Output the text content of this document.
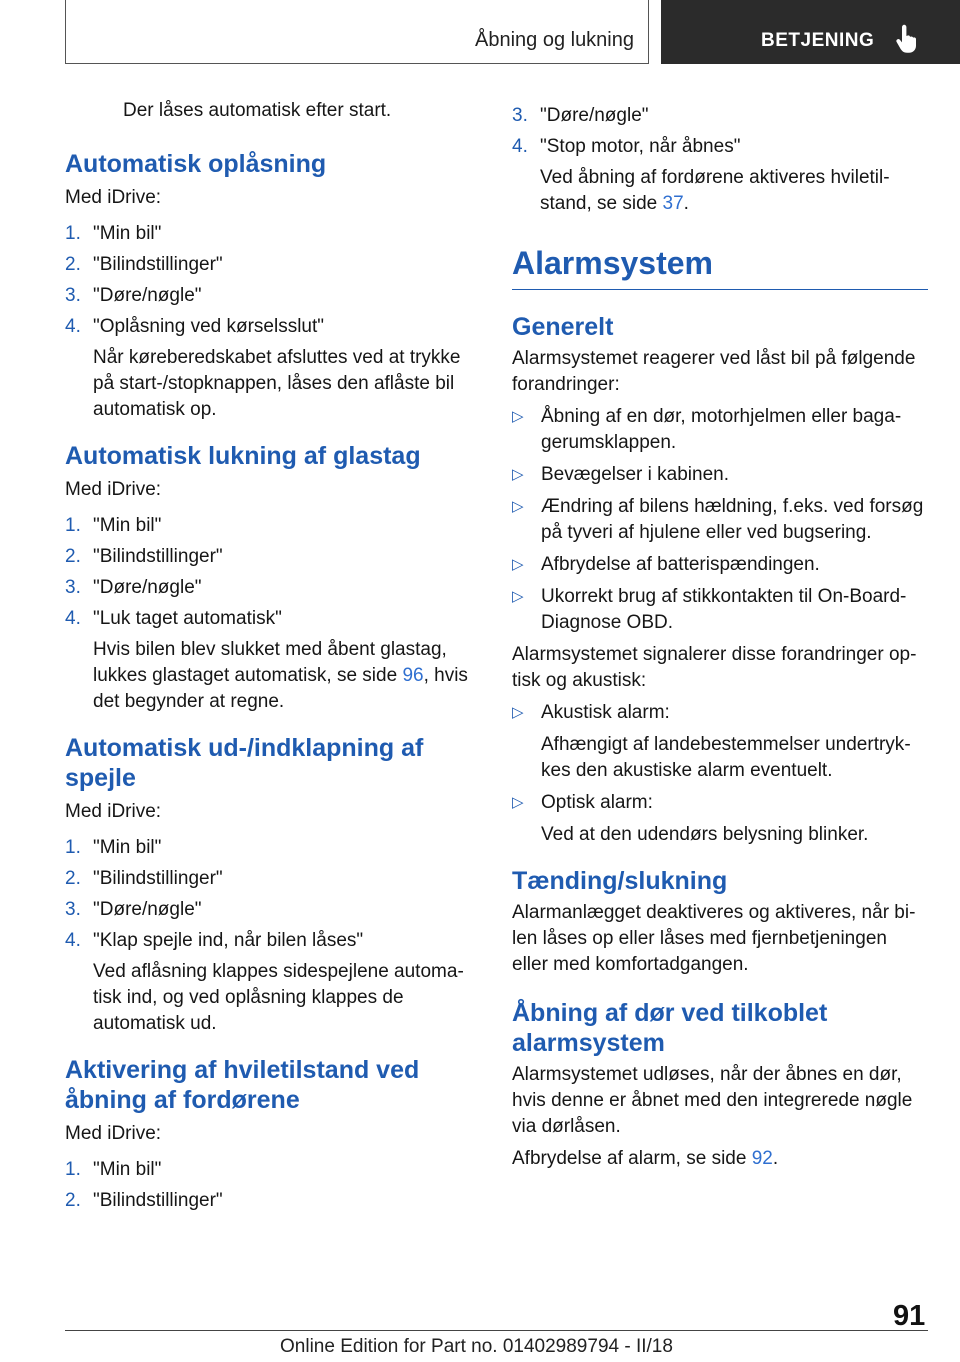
Åbning og lukning	BETJENING

Der låses automatisk efter start.

Automatisk oplåsning

Med iDrive:

1. "Min bil"
2. "Bilindstillinger"
3. "Døre/nøgle"
4. "Oplåsning ved kørselsslut"
Når køreberedskabet afsluttes ved at trykke på start-/stopknappen, låses den aflåste bil automatisk op.
Automatisk lukning af glastag

Med iDrive:

1. "Min bil"
2. "Bilindstillinger"
3. "Døre/nøgle"
4. "Luk taget automatisk"
Hvis bilen blev slukket med åbent glastag, lukkes glastaget automatisk, se side 96, hvis det begynder at regne.
Automatisk ud-/indklapning af spejle

Med iDrive:

1. "Min bil"
2. "Bilindstillinger"
3. "Døre/nøgle"
4. "Klap spejle ind, når bilen låses"
Ved aflåsning klappes sidespejlene automatisk ind, og ved oplåsning klappes de automatisk ud.
Aktivering af hviletilstand ved åbning af fordørene

Med iDrive:

1. "Min bil"
2. "Bilindstillinger"
3. "Døre/nøgle"
4. "Stop motor, når åbnes"
Ved åbning af fordørene aktiveres hviletilstand, se side 37.
Alarmsystem
Generelt

Alarmsystemet reagerer ved låst bil på følgende forandringer:

▷ Åbning af en dør, motorhjelmen eller bagagerumsklappen.
▷ Bevægelser i kabinen.
▷ Ændring af bilens hældning, f.eks. ved forsøg på tyveri af hjulene eller ved bugsering.
▷ Afbrydelse af batterispændingen.
▷ Ukorrekt brug af stikkontakten til On-Board-Diagnose OBD.

Alarmsystemet signalerer disse forandringer optisk og akustisk:

▷ Akustisk alarm:
Afhængigt af landebestemmelser undertrykkes den akustiske alarm eventuelt.
▷ Optisk alarm:
Ved at den udendørs belysning blinker.
Tænding/slukning

Alarmanlægget deaktiveres og aktiveres, når bilen låses op eller låses med fjernbetjeningen eller med komfortadgangen.

Åbning af dør ved tilkoblet alarmsystem

Alarmsystemet udløses, når der åbnes en dør, hvis denne er åbnet med den integrerede nøgle via dørlåsen.

Afbrydelse af alarm, se side 92.

91
Online Edition for Part no. 01402989794 - II/18
